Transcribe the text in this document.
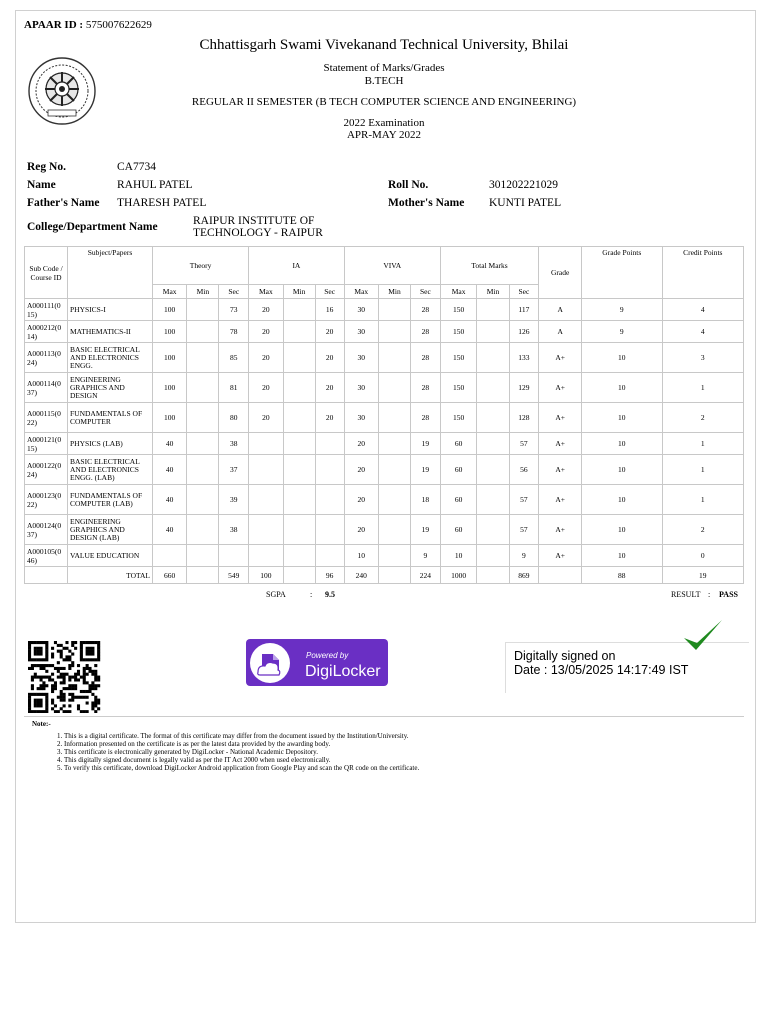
APAAR ID : 575007622629
Chhattisgarh Swami Vivekanand Technical University, Bhilai
Statement of Marks/Grades
B.TECH
REGULAR II SEMESTER (B TECH COMPUTER SCIENCE AND ENGINEERING)
2022 Examination
APR-MAY 2022
Reg No.	CA7734
Name	RAHUL PATEL	Roll No.	301202221029
Father's Name THARESH PATEL	Mother's Name KUNTI PATEL
College/Department Name	RAIPUR INSTITUTE OF
TECHNOLOGY - RAIPUR
Sub Code / Course ID	Subject/Papers	Theory			IA			VIVA			Total Marks			Grade	Grade Points	Credit Points
		Max	Min	Sec	Max	Min	Sec	Max	Min	Sec	Max	Min	Sec			
A000111(0 15)	PHYSICS-I	100		73	20		16	30		28	150		117	A	9	4
A000212(0 14)	MATHEMATICS-II	100		78	20		20	30		28	150		126	A	9	4
A000113(0 24)	BASIC ELECTRICAL AND ELECTRONICS ENGG.	100		85	20		20	30		28	150		133	A+	10	3
A000114(0 37)	ENGINEERING GRAPHICS AND DESIGN	100		81	20		20	30		28	150		129	A+	10	1
A000115(0 22)	FUNDAMENTALS OF COMPUTER	100		80	20		20	30		28	150		128	A+	10	2
A000121(0 15)	PHYSICS (LAB)	40		38				20		19	60		57	A+	10	1
A000122(0 24)	BASIC ELECTRICAL AND ELECTRONICS ENGG. (LAB)	40		37				20		19	60		56	A+	10	1
A000123(0 22)	FUNDAMENTALS OF COMPUTER (LAB)	40		39				20		18	60		57	A+	10	1
A000124(0 37)	ENGINEERING GRAPHICS AND DESIGN (LAB)	40		38				20		19	60		57	A+	10	2
A000105(0 46)	VALUE EDUCATION							10		9	10		9	A+	10	0
	TOTAL	660		549	100		96	240		224	1000		869		88	19
SGPA	: 9.5	RESULT : PASS
Powered by
DigiLocker
Digitally signed on
Date : 13/05/2025 14:17:49 IST
Note:-
1. This is a digital certificate. The format of this certificate may differ from the document issued by the Institution/University.
2. Information presented on the certificate is as per the latest data provided by the awarding body.
3. This certificate is electronically generated by DigiLocker - National Academic Depository.
4. This digitally signed document is legally valid as per the IT Act 2000 when used electronically.
5. To verify this certificate, download DigiLocker Android application from Google Play and scan the QR code on the certificate.
